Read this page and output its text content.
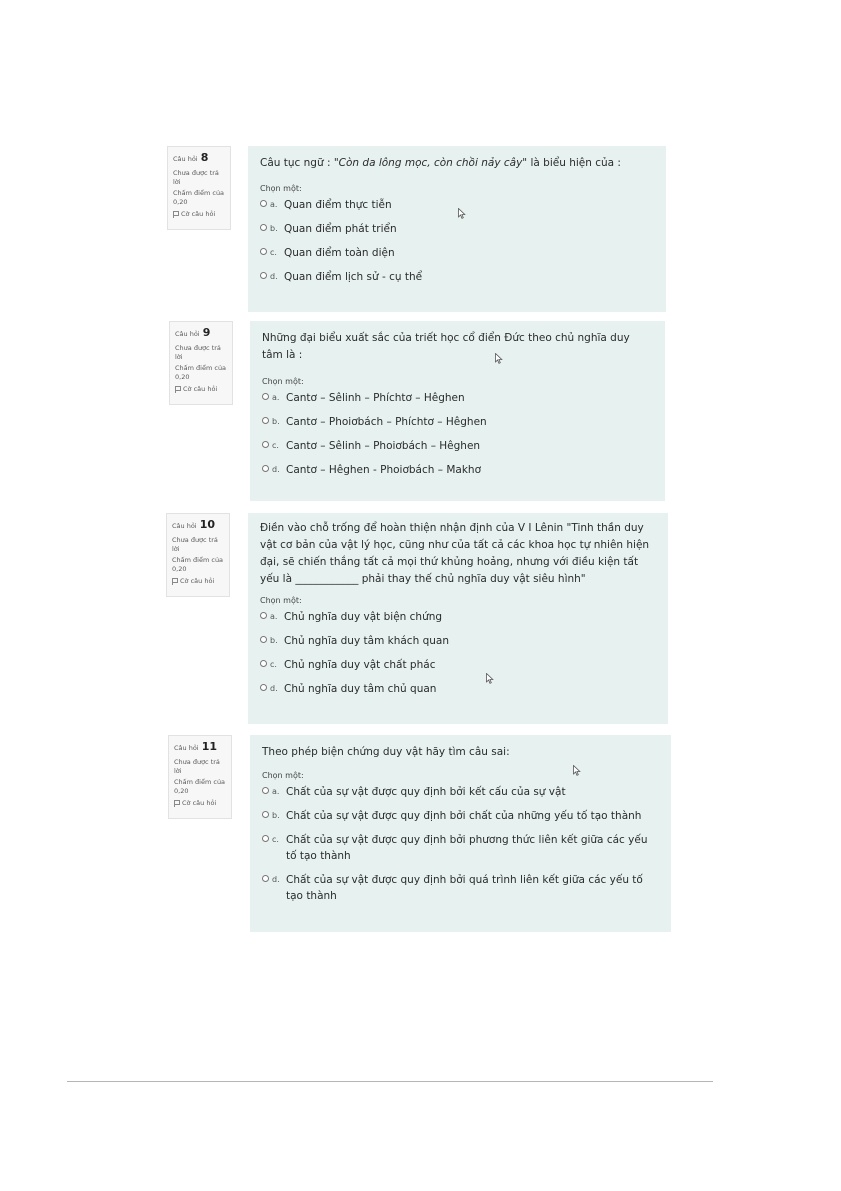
Câu hỏi 8
Chưa được trả lời
Chấm điểm của 0,20
Cờ câu hỏi
Câu tục ngữ : "Còn da lông mọc, còn chồi nảy cây" là biểu hiện của :
Chọn một:
a. Quan điểm thực tiễn
b. Quan điểm phát triển
c. Quan điểm toàn diện
d. Quan điểm lịch sử - cụ thể
Câu hỏi 9
Chưa được trả lời
Chấm điểm của 0,20
Cờ câu hỏi
Những đại biểu xuất sắc của triết học cổ điển Đức theo chủ nghĩa duy tâm là :
Chọn một:
a. Cantơ – Sêlinh – Phíchtơ – Hêghen
b. Cantơ – Phoiơbách – Phíchtơ – Hêghen
c. Cantơ – Sêlinh – Phoiơbách – Hêghen
d. Cantơ – Hêghen - Phoiơbách – Makhơ
Câu hỏi 10
Chưa được trả lời
Chấm điểm của 0,20
Cờ câu hỏi
Điền vào chỗ trống để hoàn thiện nhận định của V I Lênin "Tinh thần duy vật cơ bản của vật lý học, cũng như của tất cả các khoa học tự nhiên hiện đại, sẽ chiến thắng tất cả mọi thứ khủng hoảng, nhưng với điều kiện tất yếu là ____________ phải thay thế chủ nghĩa duy vật siêu hình"
Chọn một:
a. Chủ nghĩa duy vật biện chứng
b. Chủ nghĩa duy tâm khách quan
c. Chủ nghĩa duy vật chất phác
d. Chủ nghĩa duy tâm chủ quan
Câu hỏi 11
Chưa được trả lời
Chấm điểm của 0,20
Cờ câu hỏi
Theo phép biện chứng duy vật hãy tìm câu sai:
Chọn một:
a. Chất của sự vật được quy định bởi kết cấu của sự vật
b. Chất của sự vật được quy định bởi chất của những yếu tố tạo thành
c. Chất của sự vật được quy định bởi phương thức liên kết giữa các yếu tố tạo thành
d. Chất của sự vật được quy định bởi quá trình liên kết giữa các yếu tố tạo thành
